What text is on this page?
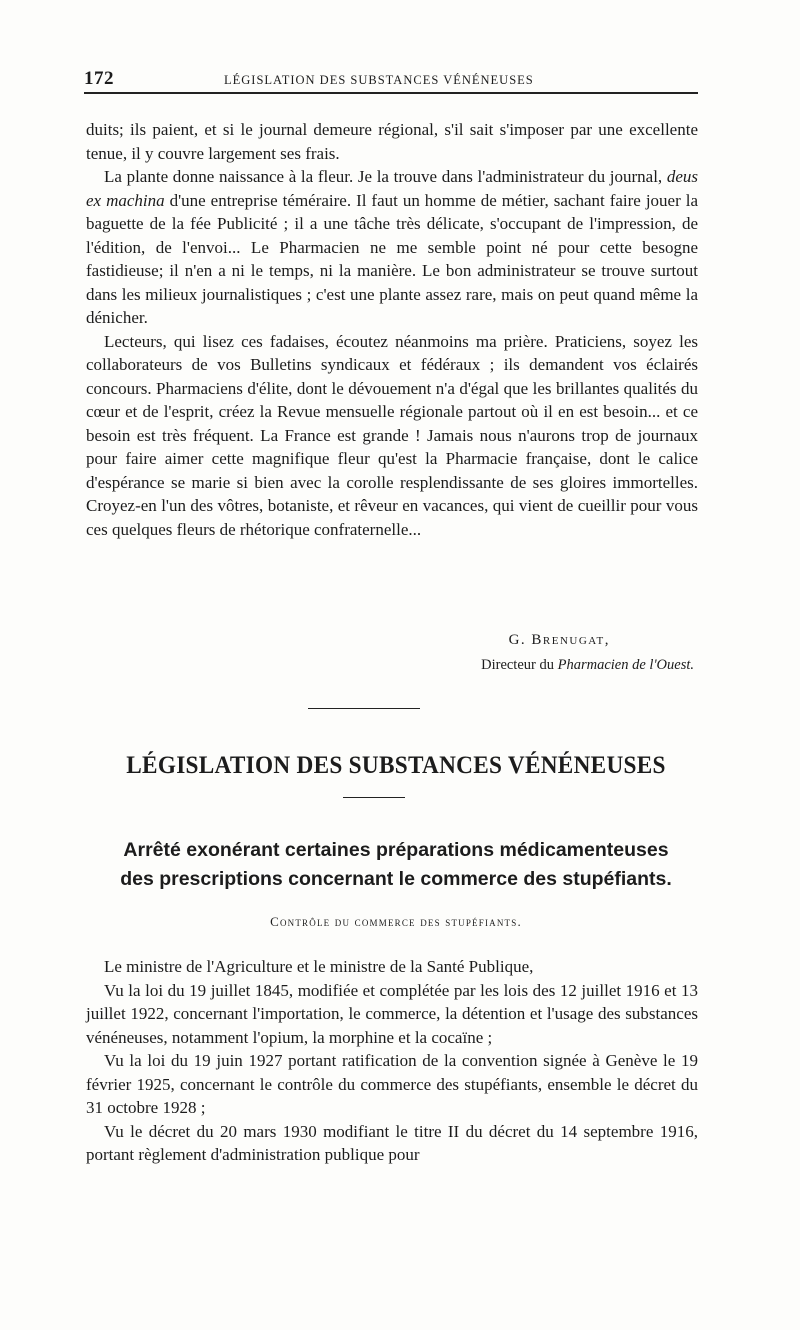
172	LÉGISLATION DES SUBSTANCES VÉNÉNEUSES

duits; ils paient, et si le journal demeure régional, s'il sait s'imposer par une excellente tenue, il y couvre largement ses frais.

La plante donne naissance à la fleur. Je la trouve dans l'administrateur du journal, deus ex machina d'une entreprise téméraire. Il faut un homme de métier, sachant faire jouer la baguette de la fée Publicité ; il a une tâche très délicate, s'occupant de l'impression, de l'édition, de l'envoi... Le Pharmacien ne me semble point né pour cette besogne fastidieuse; il n'en a ni le temps, ni la manière. Le bon administrateur se trouve surtout dans les milieux journalistiques ; c'est une plante assez rare, mais on peut quand même la dénicher.

Lecteurs, qui lisez ces fadaises, écoutez néanmoins ma prière. Praticiens, soyez les collaborateurs de vos Bulletins syndicaux et fédéraux ; ils demandent vos éclairés concours. Pharmaciens d'élite, dont le dévouement n'a d'égal que les brillantes qualités du cœur et de l'esprit, créez la Revue mensuelle régionale partout où il en est besoin... et ce besoin est très fréquent. La France est grande ! Jamais nous n'aurons trop de journaux pour faire aimer cette magnifique fleur qu'est la Pharmacie française, dont le calice d'espérance se marie si bien avec la corolle resplendissante de ses gloires immortelles. Croyez-en l'un des vôtres, botaniste, et rêveur en vacances, qui vient de cueillir pour vous ces quelques fleurs de rhétorique confraternelle...

G. Brenugat,
Directeur du Pharmacien de l'Ouest.
LÉGISLATION DES SUBSTANCES VÉNÉNEUSES
Arrêté exonérant certaines préparations médicamenteuses
des prescriptions concernant le commerce des stupéfiants.
Contrôle du commerce des stupéfiants.

Le ministre de l'Agriculture et le ministre de la Santé Publique,

Vu la loi du 19 juillet 1845, modifiée et complétée par les lois des 12 juillet 1916 et 13 juillet 1922, concernant l'importation, le commerce, la détention et l'usage des substances vénéneuses, notamment l'opium, la morphine et la cocaïne ;

Vu la loi du 19 juin 1927 portant ratification de la convention signée à Genève le 19 février 1925, concernant le contrôle du commerce des stupéfiants, ensemble le décret du 31 octobre 1928 ;

Vu le décret du 20 mars 1930 modifiant le titre II du décret du 14 septembre 1916, portant règlement d'administration publique pour
